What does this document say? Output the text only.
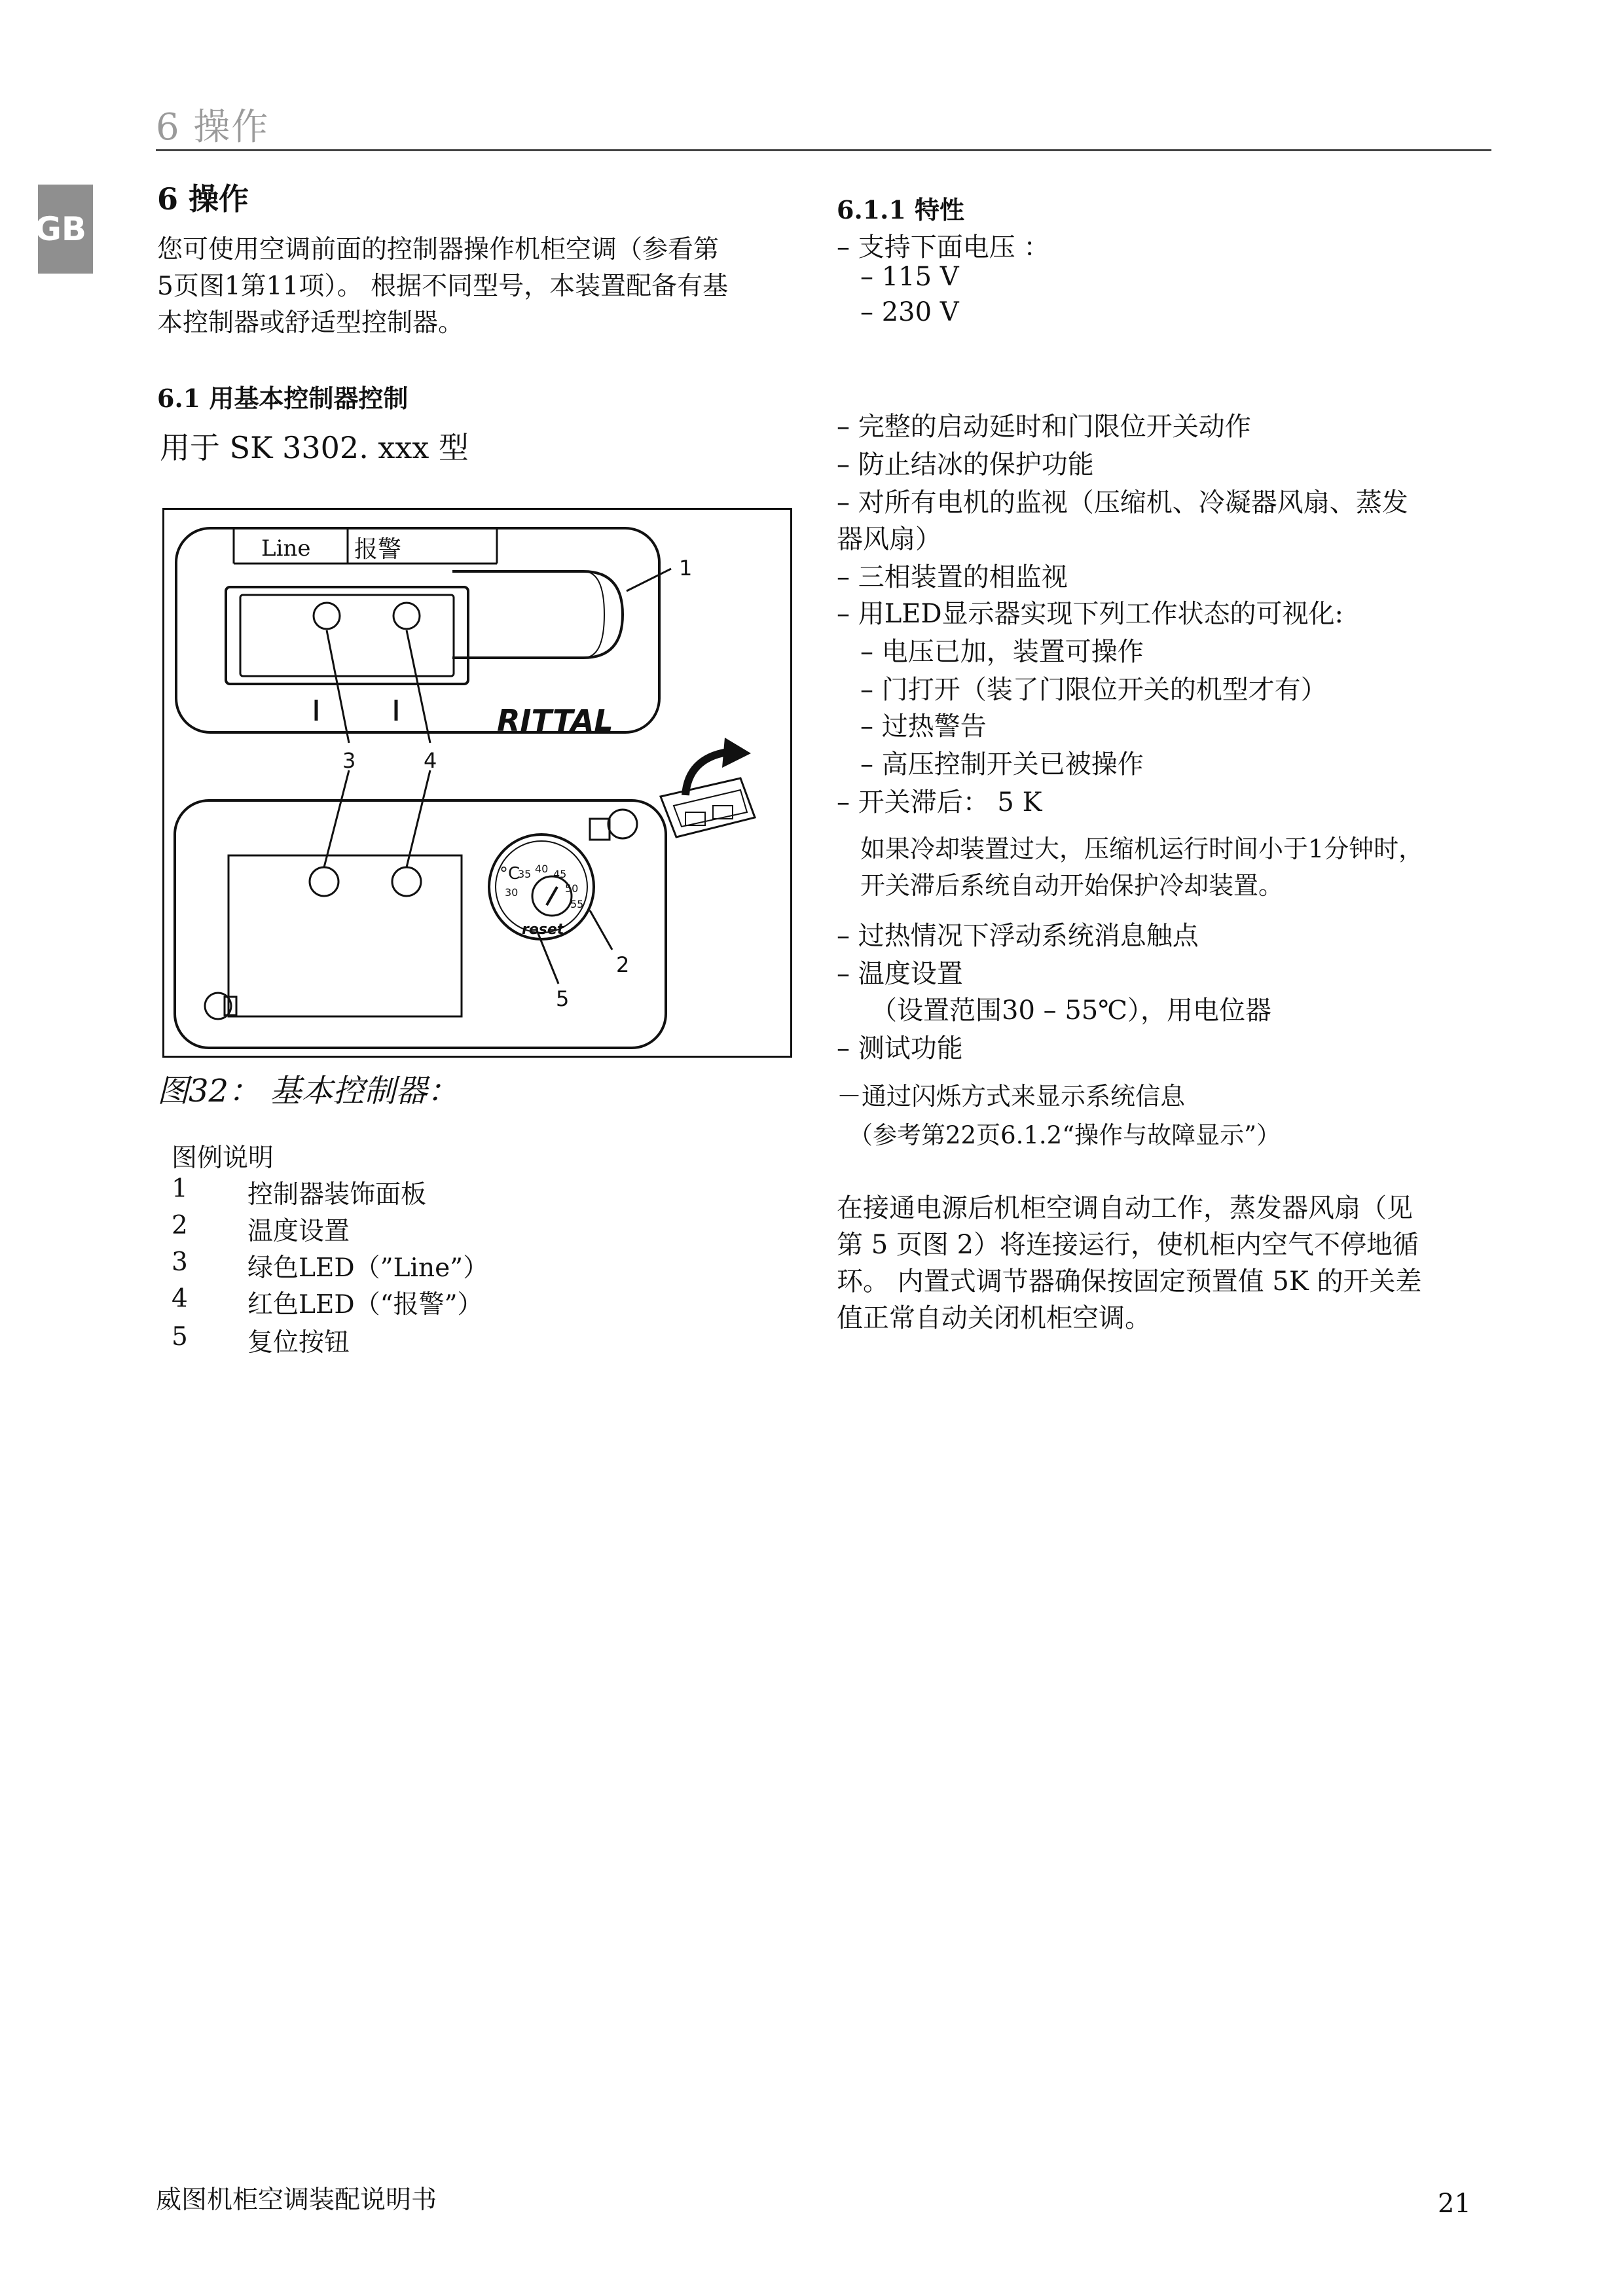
6 操作
GB
6 操作
您可使用空调前面的控制器操作机柜空调（参看第
5页图1第11项）。 根据不同型号，本装置配备有基
本控制器或舒适型控制器。
6.1 用基本控制器控制
用于 SK 3302. xxx 型
Line 报警
RITTAL
1
2
3	4
5
°C
30
35 40 45
50
55
reset
图32： 基本控制器：
图例说明
1	控制器装饰面板
2	温度设置
3	绿色LED（”Line”）
4	红色LED（“报警”）
5	复位按钮
6.1.1 特性
– 支持下面电压 ：
– 115 V
– 230 V
– 完整的启动延时和门限位开关动作
– 防止结冰的保护功能
– 对所有电机的监视（压缩机、冷凝器风扇、蒸发
器风扇）
– 三相装置的相监视
– 用LED显示器实现下列工作状态的可视化:
– 电压已加，装置可操作
– 门打开（装了门限位开关的机型才有）
– 过热警告
– 高压控制开关已被操作
– 开关滞后： 5 K
如果冷却装置过大，压缩机运行时间小于1分钟时，
开关滞后系统自动开始保护冷却装置。
– 过热情况下浮动系统消息触点
– 温度设置
（设置范围30 – 55℃），用电位器
– 测试功能
－通过闪烁方式来显示系统信息
（参考第22页6.1.2“操作与故障显示”）
在接通电源后机柜空调自动工作，蒸发器风扇（见
第 5 页图 2）将连接运行，使机柜内空气不停地循
环。 内置式调节器确保按固定预置值 5K 的开关差
值正常自动关闭机柜空调。
威图机柜空调装配说明书	21
